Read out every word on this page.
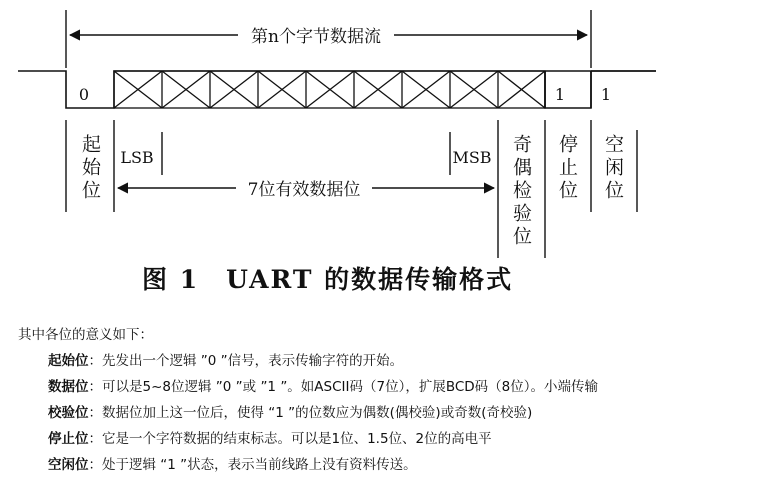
第n个字节数据流
0	1 1
LSB	MSB
7位有效数据位
起始位	奇偶检验位 停止位 空闲位
图 1　UART 的数据传输格式
其中各位的意义如下：
起始位：先发出一个逻辑 ”0 ”信号，表示传输字符的开始。
数据位：可以是5~8位逻辑 ”0 ”或 ”1 ”。如ASCII码（7位），扩展BCD码（8位）。小端传输
校验位：数据位加上这一位后，使得 “1 ”的位数应为偶数(偶校验)或奇数(奇校验)
停止位：它是一个字符数据的结束标志。可以是1位、1.5位、2位的高电平
空闲位：处于逻辑 “1 ”状态，表示当前线路上没有资料传送。
